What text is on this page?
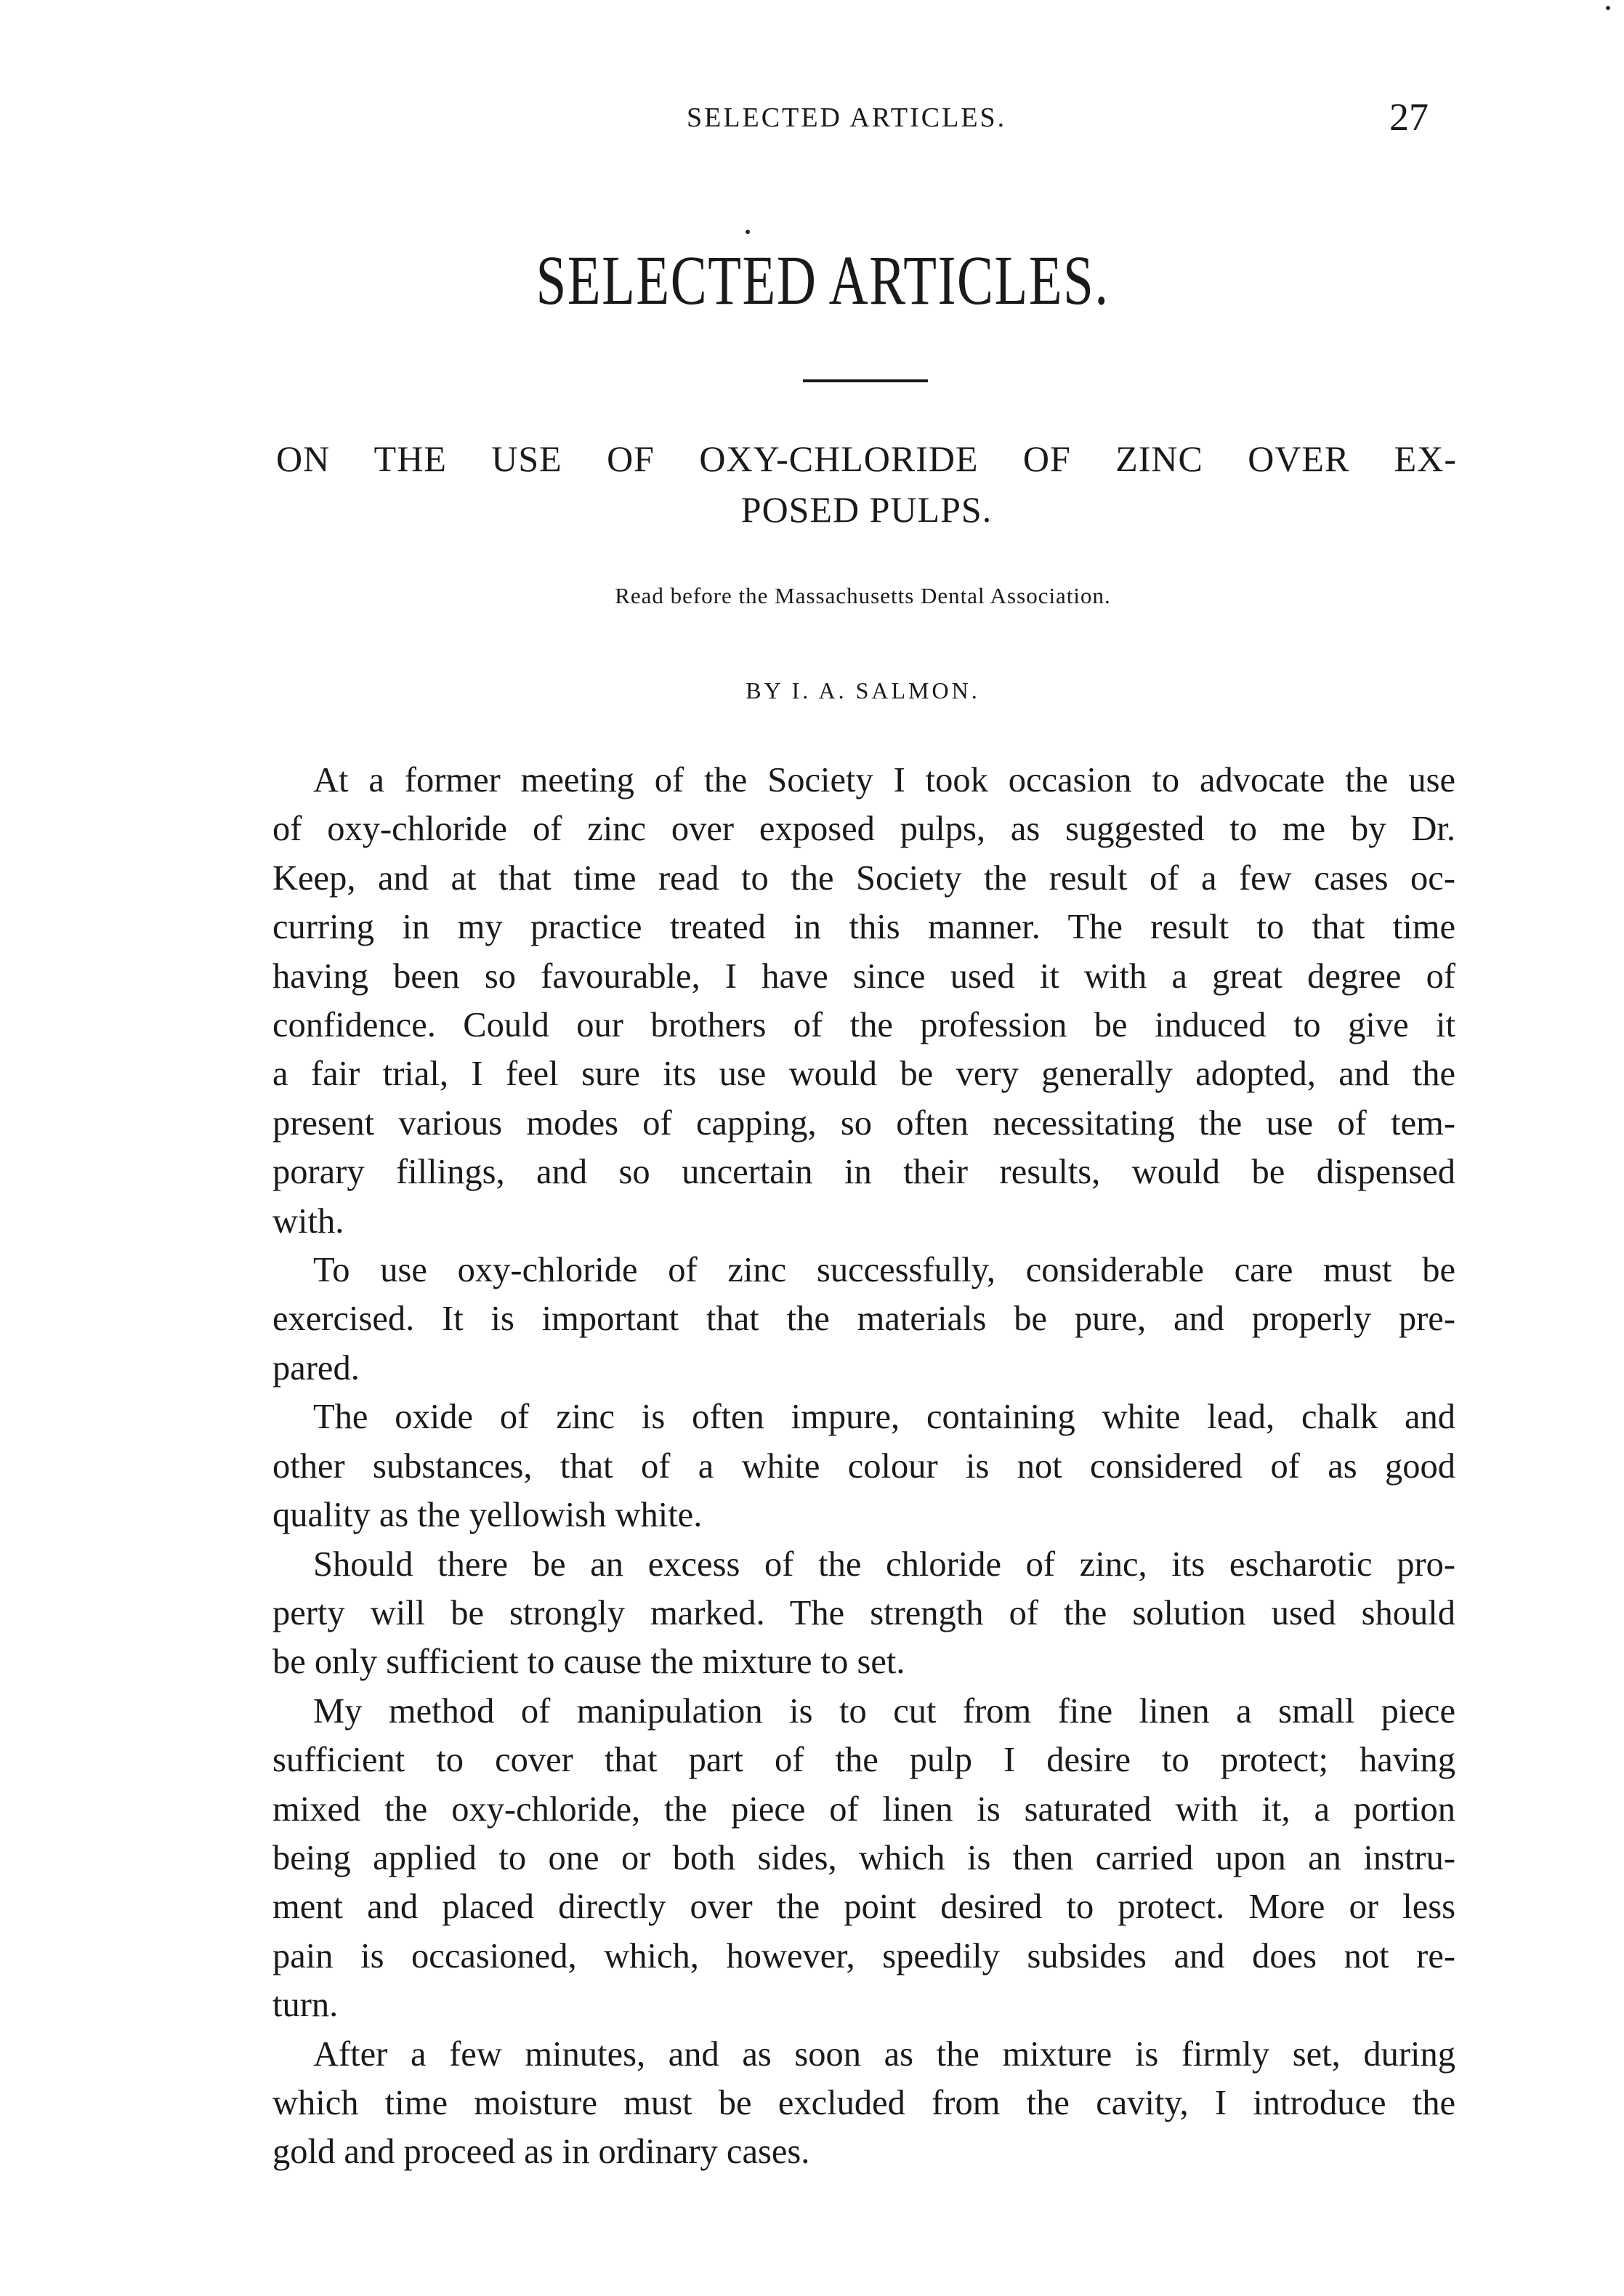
SELECTED ARTICLES.	27
SELECTED ARTICLES.
ON THE USE OF OXY-CHLORIDE OF ZINC OVER EX-
POSED PULPS.
Read before the Massachusetts Dental Association.
BY I. A. SALMON.
At a former meeting of the Society I took occasion to advocate the use
of oxy-chloride of zinc over exposed pulps, as suggested to me by Dr.
Keep, and at that time read to the Society the result of a few cases oc-
curring in my practice treated in this manner. The result to that time
having been so favourable, I have since used it with a great degree of
confidence. Could our brothers of the profession be induced to give it
a fair trial, I feel sure its use would be very generally adopted, and the
present various modes of capping, so often necessitating the use of tem-
porary fillings, and so uncertain in their results, would be dispensed
with.
To use oxy-chloride of zinc successfully, considerable care must be
exercised. It is important that the materials be pure, and properly pre-
pared.
The oxide of zinc is often impure, containing white lead, chalk and
other substances, that of a white colour is not considered of as good
quality as the yellowish white.
Should there be an excess of the chloride of zinc, its escharotic pro-
perty will be strongly marked. The strength of the solution used should
be only sufficient to cause the mixture to set.
My method of manipulation is to cut from fine linen a small piece
sufficient to cover that part of the pulp I desire to protect; having
mixed the oxy-chloride, the piece of linen is saturated with it, a portion
being applied to one or both sides, which is then carried upon an instru-
ment and placed directly over the point desired to protect. More or less
pain is occasioned, which, however, speedily subsides and does not re-
turn.
After a few minutes, and as soon as the mixture is firmly set, during
which time moisture must be excluded from the cavity, I introduce the
gold and proceed as in ordinary cases.
